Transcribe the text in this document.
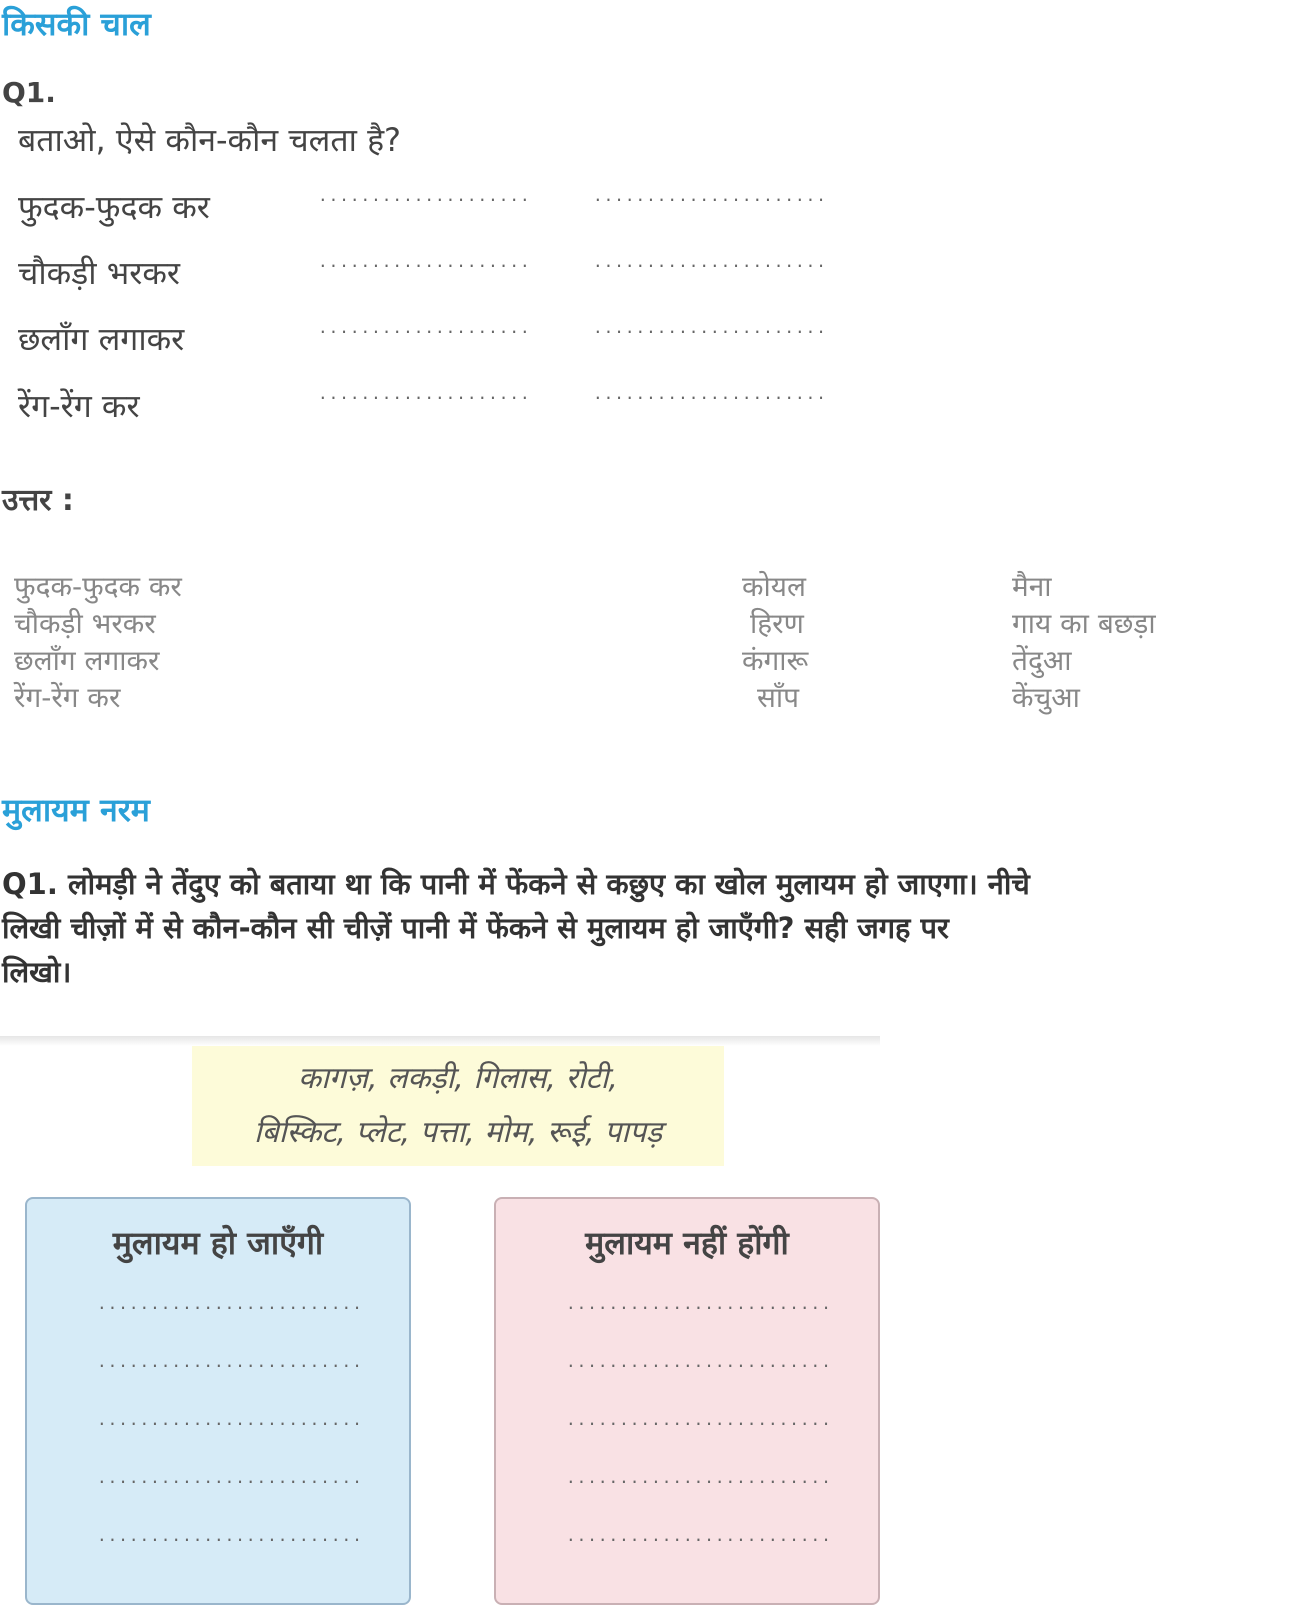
किसकी चाल
Q1.
बताओ, ऐसे कौन-कौन चलता है?
फुदक-फुदक कर	....................	......................
चौकड़ी भरकर	....................	......................
छलाँग लगाकर	....................	......................
रेंग-रेंग कर	....................	......................
उत्तर :
फुदक-फुदक कर	कोयल	मैना
चौकड़ी भरकर	हिरण	गाय का बछड़ा
छलाँग लगाकर	कंगारू	तेंदुआ
रेंग-रेंग कर	साँप	केंचुआ
मुलायम नरम
Q1. लोमड़ी ने तेंदुए को बताया था कि पानी में फेंकने से कछुए का खोल मुलायम हो जाएगा। नीचे
लिखी चीज़ों में से कौन-कौन सी चीज़ें पानी में फेंकने से मुलायम हो जाएँगी? सही जगह पर
लिखो।
कागज़, लकड़ी, गिलास, रोटी,
बिस्किट, प्लेट, पत्ता, मोम, रूई, पापड़
मुलायम हो जाएँगी
.........................
.........................
.........................
.........................
.........................
मुलायम नहीं होंगी
.........................
.........................
.........................
.........................
.........................
